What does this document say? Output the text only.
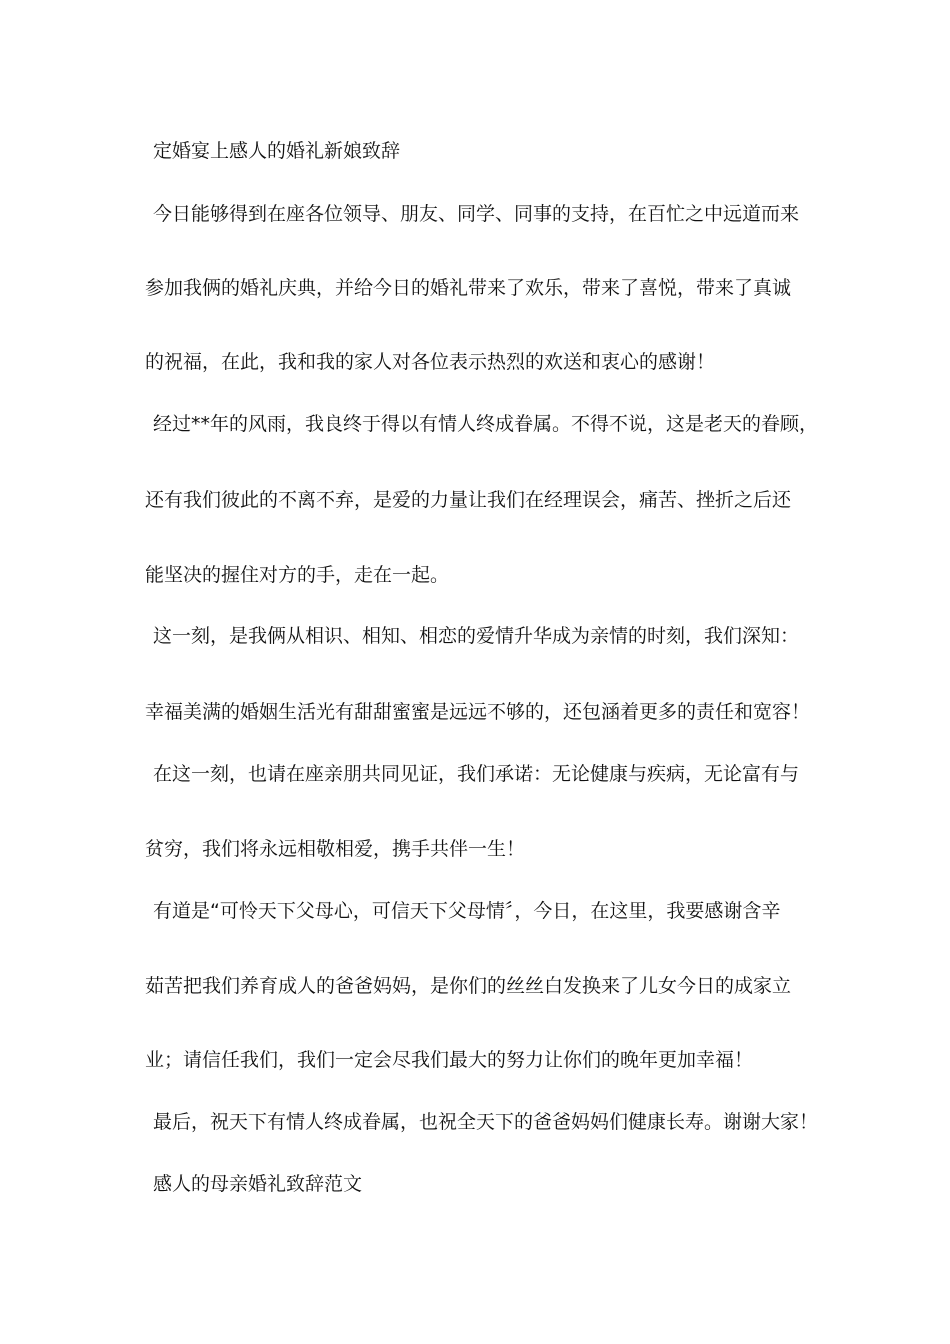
定婚宴上感人的婚礼新娘致辞
今日能够得到在座各位领导、朋友、同学、同事的支持，在百忙之中远道而来
参加我俩的婚礼庆典，并给今日的婚礼带来了欢乐，带来了喜悦，带来了真诚
的祝福，在此，我和我的家人对各位表示热烈的欢送和衷心的感谢！
经过**年的风雨，我良终于得以有情人终成眷属。不得不说，这是老天的眷顾，
还有我们彼此的不离不弃，是爱的力量让我们在经理误会，痛苦、挫折之后还
能坚决的握住对方的手，走在一起。
这一刻，是我俩从相识、相知、相恋的爱情升华成为亲情的时刻，我们深知：
幸福美满的婚姻生活光有甜甜蜜蜜是远远不够的，还包涵着更多的责任和宽容！
在这一刻，也请在座亲朋共同见证，我们承诺：无论健康与疾病，无论富有与
贫穷，我们将永远相敬相爱，携手共伴一生！
有道是“可怜天下父母心，可信天下父母情〞，今日，在这里，我要感谢含辛
茹苦把我们养育成人的爸爸妈妈，是你们的丝丝白发换来了儿女今日的成家立
业；请信任我们，我们一定会尽我们最大的努力让你们的晚年更加幸福！
最后，祝天下有情人终成眷属，也祝全天下的爸爸妈妈们健康长寿。谢谢大家！
感人的母亲婚礼致辞范文
